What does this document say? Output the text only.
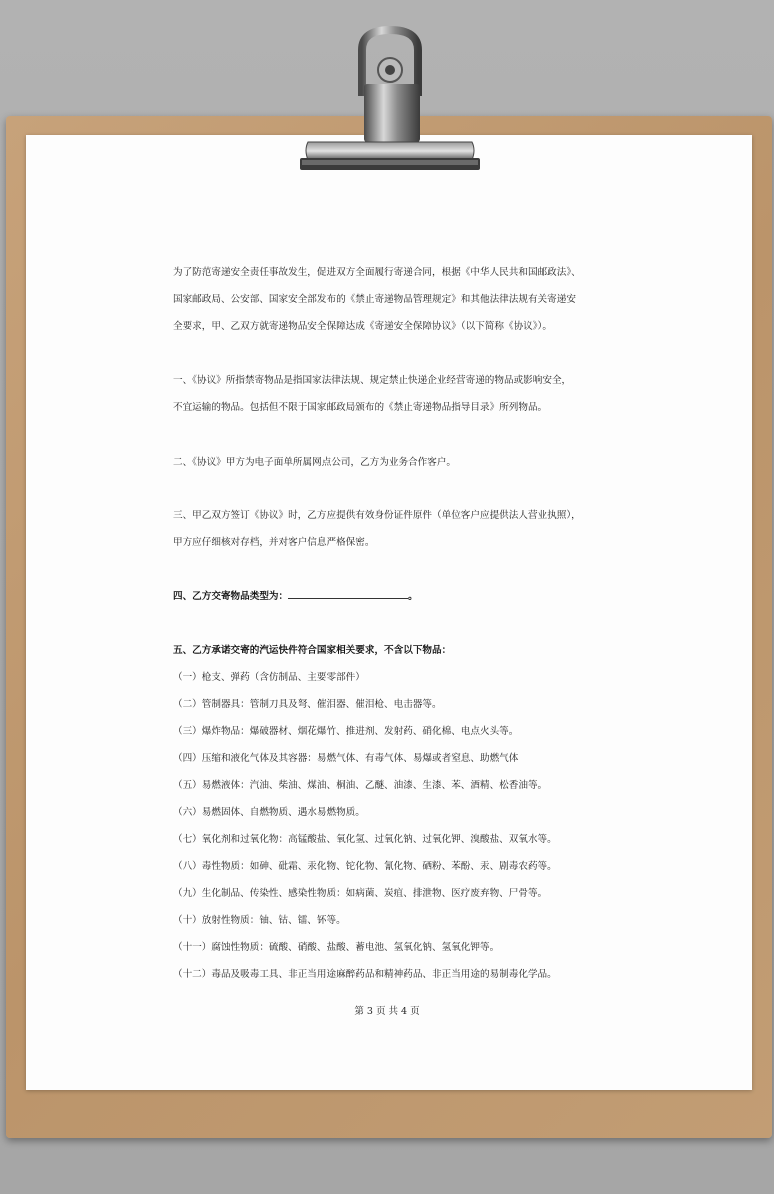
为了防范寄递安全责任事故发生，促进双方全面履行寄递合同，根据《中华人民共和国邮政法》、
国家邮政局、公安部、国家安全部发布的《禁止寄递物品管理规定》和其他法律法规有关寄递安
全要求，甲、乙双方就寄递物品安全保障达成《寄递安全保障协议》（以下简称《协议》）。
一、《协议》所指禁寄物品是指国家法律法规、规定禁止快递企业经营寄递的物品或影响安全，
不宜运输的物品。包括但不限于国家邮政局颁布的《禁止寄递物品指导目录》所列物品。
二、《协议》甲方为电子面单所属网点公司，乙方为业务合作客户。
三、甲乙双方签订《协议》时，乙方应提供有效身份证件原件（单位客户应提供法人营业执照），
甲方应仔细核对存档，并对客户信息严格保密。
四、乙方交寄物品类型为：	。
五、乙方承诺交寄的汽运快件符合国家相关要求，不含以下物品：
（一）枪支、弹药（含仿制品、主要零部件）
（二）管制器具：管制刀具及弩、催泪器、催泪枪、电击器等。
（三）爆炸物品：爆破器材、烟花爆竹、推进剂、发射药、硝化棉、电点火头等。
（四）压缩和液化气体及其容器：易燃气体、有毒气体、易爆或者窒息、助燃气体
（五）易燃液体：汽油、柴油、煤油、桐油、乙醚、油漆、生漆、苯、酒精、松香油等。
（六）易燃固体、自燃物质、遇水易燃物质。
（七）氧化剂和过氧化物：高锰酸盐、氧化氢、过氧化钠、过氧化钾、溴酸盐、双氧水等。
（八）毒性物质：如砷、砒霜、汞化物、铊化物、氰化物、硒粉、苯酚、汞、剧毒农药等。
（九）生化制品、传染性、感染性物质：如病菌、炭疽、排泄物、医疗废弃物、尸骨等。
（十）放射性物质：铀、钴、镭、钚等。
（十一）腐蚀性物质：硫酸、硝酸、盐酸、蓄电池、氢氧化钠、氢氧化钾等。
（十二）毒品及吸毒工具、非正当用途麻醉药品和精神药品、非正当用途的易制毒化学品。
第 3 页 共 4 页
